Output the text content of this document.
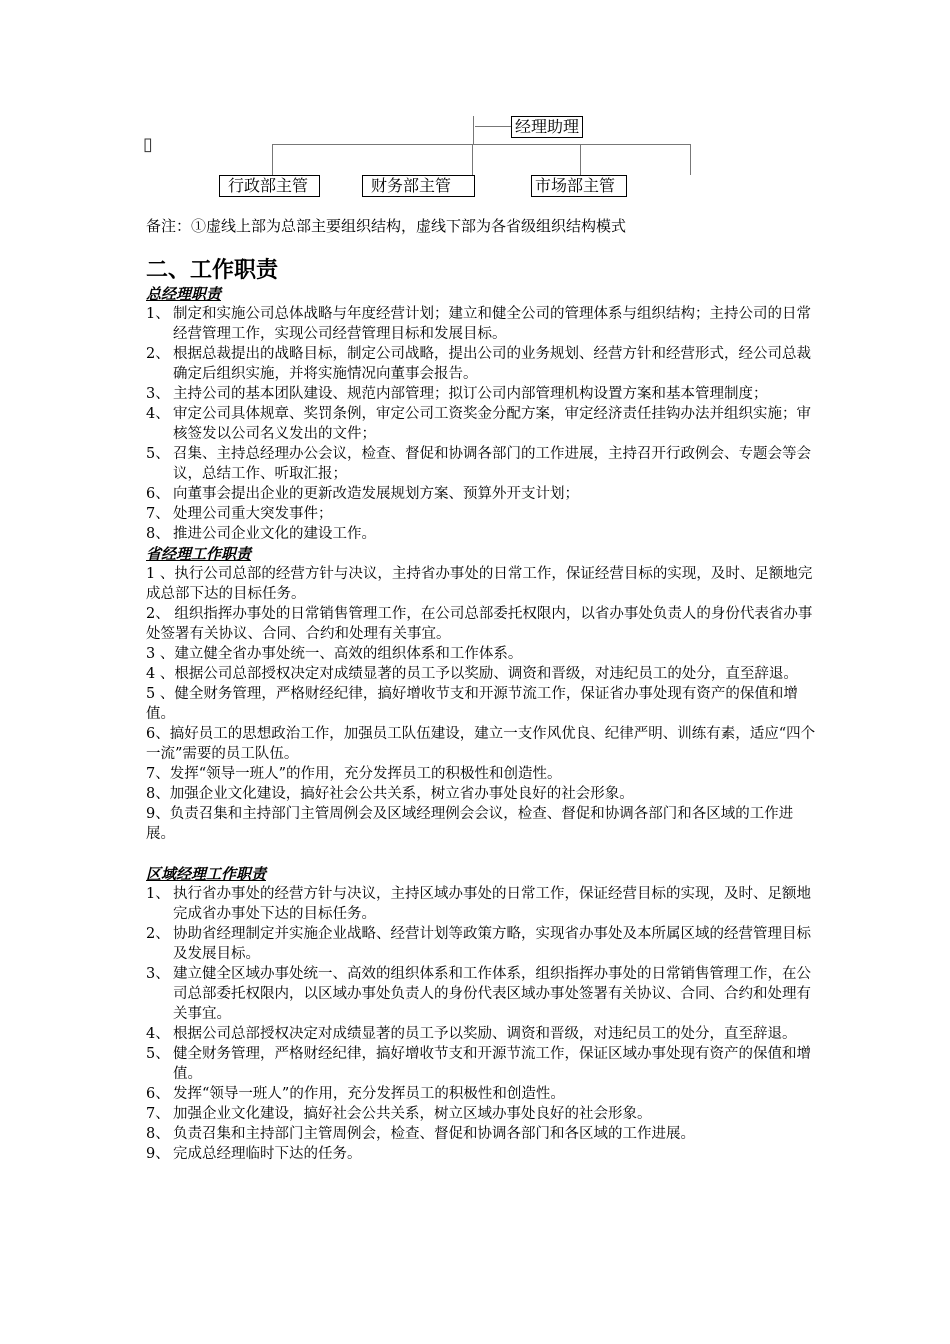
▯
经理助理
行政部主管	财务部主管	市场部主管
备注：①虚线上部为总部主要组织结构，虚线下部为各省级组织结构模式
二、工作职责
总经理职责
1、 制定和实施公司总体战略与年度经营计划；建立和健全公司的管理体系与组织结构；主持公司的日常经营管理工作，实现公司经营管理目标和发展目标。
2、 根据总裁提出的战略目标，制定公司战略，提出公司的业务规划、经营方针和经营形式，经公司总裁确定后组织实施，并将实施情况向董事会报告。
3、 主持公司的基本团队建设、规范内部管理；拟订公司内部管理机构设置方案和基本管理制度；
4、 审定公司具体规章、奖罚条例，审定公司工资奖金分配方案，审定经济责任挂钩办法并组织实施；审核签发以公司名义发出的文件；
5、 召集、主持总经理办公会议，检查、督促和协调各部门的工作进展，主持召开行政例会、专题会等会议，总结工作、听取汇报；
6、 向董事会提出企业的更新改造发展规划方案、预算外开支计划；
7、 处理公司重大突发事件；
8、 推进公司企业文化的建设工作。
省经理工作职责

1 、执行公司总部的经营方针与决议，主持省办事处的日常工作，保证经营目标的实现，及时、足额地完成总部下达的目标任务。

2、 组织指挥办事处的日常销售管理工作，在公司总部委托权限内，以省办事处负责人的身份代表省办事处签署有关协议、合同、合约和处理有关事宜。

3 、建立健全省办事处统一、高效的组织体系和工作体系。

4 、根据公司总部授权决定对成绩显著的员工予以奖励、调资和晋级，对违纪员工的处分，直至辞退。

5 、健全财务管理，严格财经纪律，搞好增收节支和开源节流工作，保证省办事处现有资产的保值和增值。

6、搞好员工的思想政治工作，加强员工队伍建设，建立一支作风优良、纪律严明、训练有素，适应“四个一流”需要的员工队伍。

7、发挥“领导一班人”的作用，充分发挥员工的积极性和创造性。

8、加强企业文化建设，搞好社会公共关系，树立省办事处良好的社会形象。

9、负责召集和主持部门主管周例会及区域经理例会会议，检查、督促和协调各部门和各区域的工作进展。

区域经理工作职责
1、 执行省办事处的经营方针与决议，主持区域办事处的日常工作，保证经营目标的实现，及时、足额地完成省办事处下达的目标任务。
2、 协助省经理制定并实施企业战略、经营计划等政策方略，实现省办事处及本所属区域的经营管理目标及发展目标。
3、 建立健全区域办事处统一、高效的组织体系和工作体系，组织指挥办事处的日常销售管理工作，在公司总部委托权限内，以区域办事处负责人的身份代表区域办事处签署有关协议、合同、合约和处理有关事宜。
4、 根据公司总部授权决定对成绩显著的员工予以奖励、调资和晋级，对违纪员工的处分，直至辞退。
5、 健全财务管理，严格财经纪律，搞好增收节支和开源节流工作，保证区域办事处现有资产的保值和增值。
6、 发挥“领导一班人”的作用，充分发挥员工的积极性和创造性。
7、 加强企业文化建设，搞好社会公共关系，树立区域办事处良好的社会形象。
8、 负责召集和主持部门主管周例会，检查、督促和协调各部门和各区域的工作进展。
9、 完成总经理临时下达的任务。
